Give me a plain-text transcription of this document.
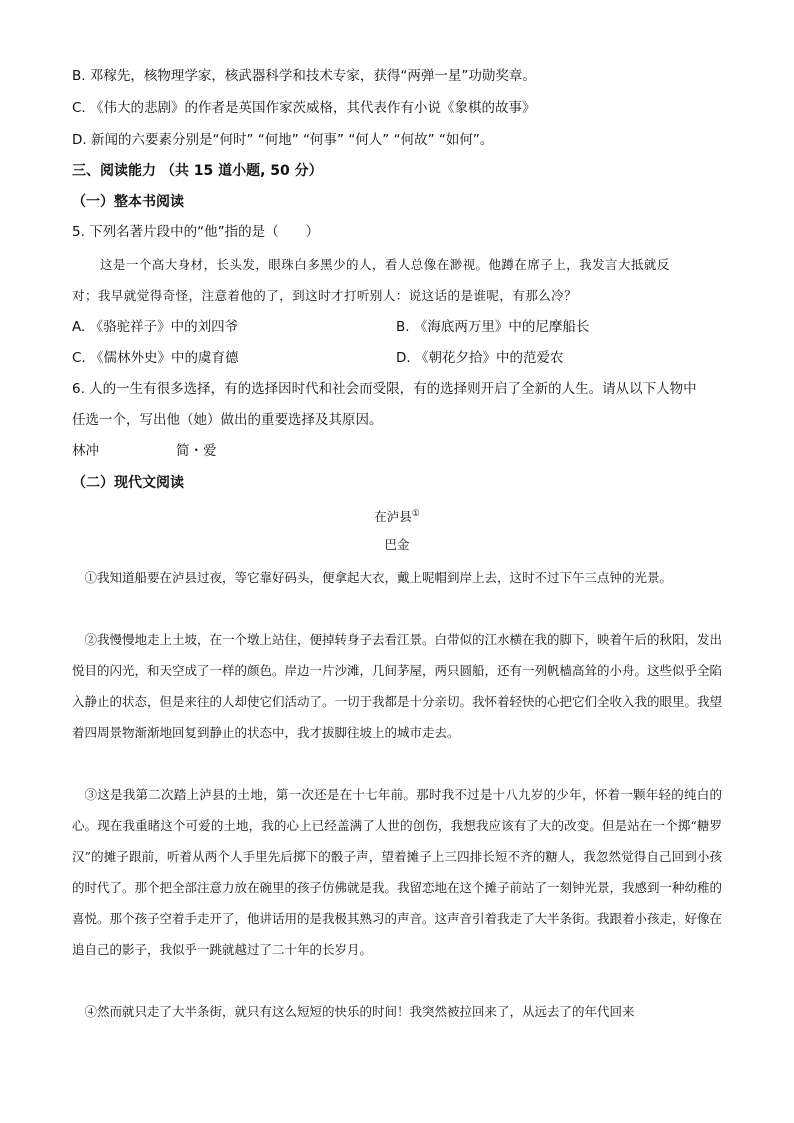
B. 邓稼先，核物理学家，核武器科学和技术专家，获得“两弹一星”功勋奖章。
C. 《伟大的悲剧》的作者是英国作家茨威格，其代表作有小说《象棋的故事》
D. 新闻的六要素分别是“何时” “何地” “何事” “何人” “何故” “如何”。
三、阅读能力 （共 15 道小题, 50 分）
（一）整本书阅读
5. 下列名著片段中的“他”指的是（　　）
这是一个高大身材，长头发，眼珠白多黑少的人，看人总像在渺视。他蹲在席子上，我发言大抵就反
对；我早就觉得奇怪，注意着他的了，到这时才打听别人：说这话的是谁呢，有那么冷？
A. 《骆驼祥子》中的刘四爷	B. 《海底两万里》中的尼摩船长
C. 《儒林外史》中的虞育德	D. 《朝花夕拾》中的范爱农
6. 人的一生有很多选择，有的选择因时代和社会而受限，有的选择则开启了全新的人生。请从以下人物中
任选一个，写出他（她）做出的重要选择及其原因。
林冲	简・爱
（二）现代文阅读
在泸县①
巴金
①我知道船要在泸县过夜，等它靠好码头，便拿起大衣，戴上呢帽到岸上去，这时不过下午三点钟的光景。
②我慢慢地走上土坡，在一个墩上站住，便掉转身子去看江景。白带似的江水横在我的脚下，映着午后的秋阳，发出悦目的闪光，和天空成了一样的颜色。岸边一片沙滩，几间茅屋，两只圆船，还有一列帆樯高耸的小舟。这些似乎全陷入静止的状态，但是来往的人却使它们活动了。一切于我都是十分亲切。我怀着轻快的心把它们全收入我的眼里。我望着四周景物渐渐地回复到静止的状态中，我才拔脚往坡上的城市走去。
③这是我第二次踏上泸县的土地，第一次还是在十七年前。那时我不过是十八九岁的少年，怀着一颗年轻的纯白的心。现在我重睹这个可爱的土地，我的心上已经盖满了人世的创伤，我想我应该有了大的改变。但是站在一个掷“糖罗汉”的摊子跟前，听着从两个人手里先后掷下的骰子声，望着摊子上三四排长短不齐的糖人，我忽然觉得自己回到小孩的时代了。那个把全部注意力放在碗里的孩子仿佛就是我。我留恋地在这个摊子前站了一刻钟光景，我感到一种幼稚的喜悦。那个孩子空着手走开了，他讲话用的是我极其熟习的声音。这声音引着我走了大半条街。我跟着小孩走，好像在追自己的影子，我似乎一跳就越过了二十年的长岁月。
④然而就只走了大半条街，就只有这么短短的快乐的时间！我突然被拉回来了，从远去了的年代回来
